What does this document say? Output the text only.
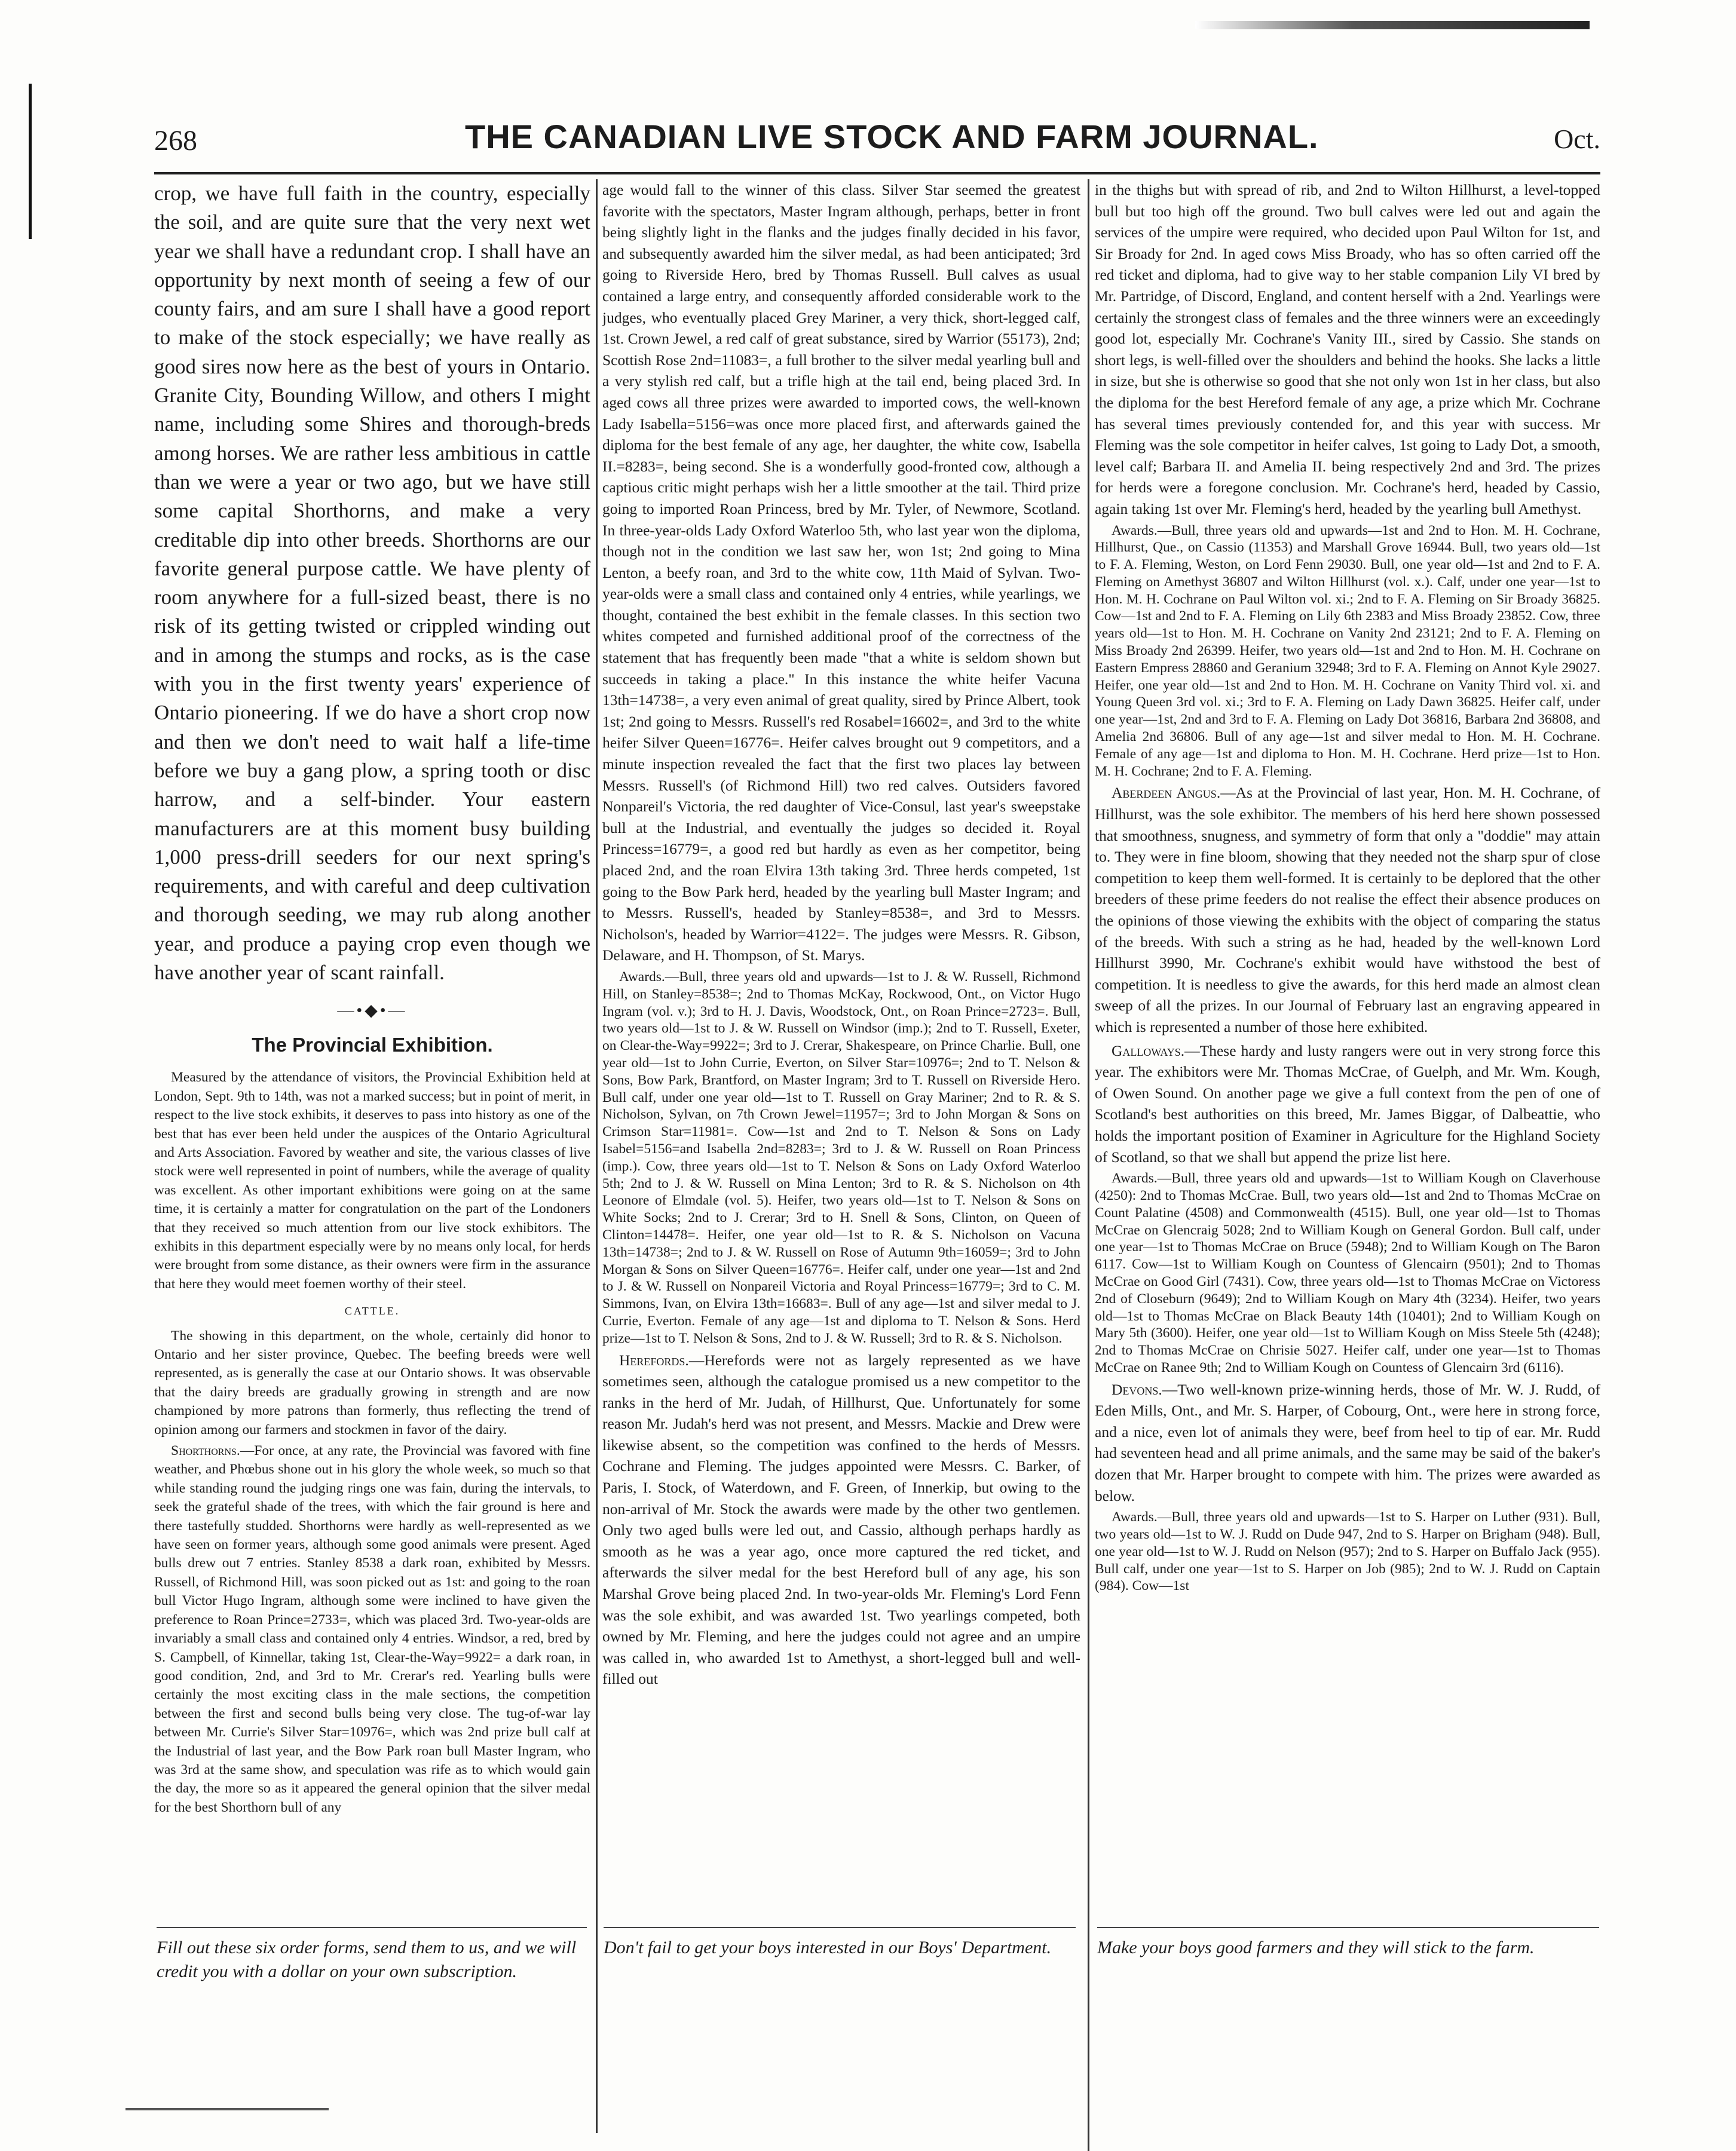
268	THE CANADIAN LIVE STOCK AND FARM JOURNAL.	Oct.

crop, we have full faith in the country, especially the soil, and are quite sure that the very next wet year we shall have a redundant crop. I shall have an opportunity by next month of seeing a few of our county fairs, and am sure I shall have a good report to make of the stock especially; we have really as good sires now here as the best of yours in Ontario. Granite City, Bounding Willow, and others I might name, including some Shires and thorough-breds among horses. We are rather less ambitious in cattle than we were a year or two ago, but we have still some capital Shorthorns, and make a very creditable dip into other breeds. Shorthorns are our favorite general purpose cattle. We have plenty of room anywhere for a full-sized beast, there is no risk of its getting twisted or crippled winding out and in among the stumps and rocks, as is the case with you in the first twenty years' experience of Ontario pioneering. If we do have a short crop now and then we don't need to wait half a life-time before we buy a gang plow, a spring tooth or disc harrow, and a self-binder. Your eastern manufacturers are at this moment busy building 1,000 press-drill seeders for our next spring's requirements, and with careful and deep cultivation and thorough seeding, we may rub along another year, and produce a paying crop even though we have another year of scant rainfall.

—•◆•—
The Provincial Exhibition.

Measured by the attendance of visitors, the Provincial Exhibition held at London, Sept. 9th to 14th, was not a marked success; but in point of merit, in respect to the live stock exhibits, it deserves to pass into history as one of the best that has ever been held under the auspices of the Ontario Agricultural and Arts Association. Favored by weather and site, the various classes of live stock were well represented in point of numbers, while the average of quality was excellent. As other important exhibitions were going on at the same time, it is certainly a matter for congratulation on the part of the Londoners that they received so much attention from our live stock exhibitors. The exhibits in this department especially were by no means only local, for herds were brought from some distance, as their owners were firm in the assurance that here they would meet foemen worthy of their steel.

CATTLE.

The showing in this department, on the whole, certainly did honor to Ontario and her sister province, Quebec. The beefing breeds were well represented, as is generally the case at our Ontario shows. It was observable that the dairy breeds are gradually growing in strength and are now championed by more patrons than formerly, thus reflecting the trend of opinion among our farmers and stockmen in favor of the dairy.

Shorthorns.—For once, at any rate, the Provincial was favored with fine weather, and Phœbus shone out in his glory the whole week, so much so that while standing round the judging rings one was fain, during the intervals, to seek the grateful shade of the trees, with which the fair ground is here and there tastefully studded. Shorthorns were hardly as well-represented as we have seen on former years, although some good animals were present. Aged bulls drew out 7 entries. Stanley 8538 a dark roan, exhibited by Messrs. Russell, of Richmond Hill, was soon picked out as 1st: and going to the roan bull Victor Hugo Ingram, although some were inclined to have given the preference to Roan Prince=2733=, which was placed 3rd. Two-year-olds are invariably a small class and contained only 4 entries. Windsor, a red, bred by S. Campbell, of Kinnellar, taking 1st, Clear-the-Way=9922= a dark roan, in good condition, 2nd, and 3rd to Mr. Crerar's red. Yearling bulls were certainly the most exciting class in the male sections, the competition between the first and second bulls being very close. The tug-of-war lay between Mr. Currie's Silver Star=10976=, which was 2nd prize bull calf at the Industrial of last year, and the Bow Park roan bull Master Ingram, who was 3rd at the same show, and speculation was rife as to which would gain the day, the more so as it appeared the general opinion that the silver medal for the best Shorthorn bull of any

age would fall to the winner of this class. Silver Star seemed the greatest favorite with the spectators, Master Ingram although, perhaps, better in front being slightly light in the flanks and the judges finally decided in his favor, and subsequently awarded him the silver medal, as had been anticipated; 3rd going to Riverside Hero, bred by Thomas Russell. Bull calves as usual contained a large entry, and consequently afforded considerable work to the judges, who eventually placed Grey Mariner, a very thick, short-legged calf, 1st. Crown Jewel, a red calf of great substance, sired by Warrior (55173), 2nd; Scottish Rose 2nd=11083=, a full brother to the silver medal yearling bull and a very stylish red calf, but a trifle high at the tail end, being placed 3rd. In aged cows all three prizes were awarded to imported cows, the well-known Lady Isabella=5156=was once more placed first, and afterwards gained the diploma for the best female of any age, her daughter, the white cow, Isabella II.=8283=, being second. She is a wonderfully good-fronted cow, although a captious critic might perhaps wish her a little smoother at the tail. Third prize going to imported Roan Princess, bred by Mr. Tyler, of Newmore, Scotland. In three-year-olds Lady Oxford Waterloo 5th, who last year won the diploma, though not in the condition we last saw her, won 1st; 2nd going to Mina Lenton, a beefy roan, and 3rd to the white cow, 11th Maid of Sylvan. Two-year-olds were a small class and contained only 4 entries, while yearlings, we thought, contained the best exhibit in the female classes. In this section two whites competed and furnished additional proof of the correctness of the statement that has frequently been made "that a white is seldom shown but succeeds in taking a place." In this instance the white heifer Vacuna 13th=14738=, a very even animal of great quality, sired by Prince Albert, took 1st; 2nd going to Messrs. Russell's red Rosabel=16602=, and 3rd to the white heifer Silver Queen=16776=. Heifer calves brought out 9 competitors, and a minute inspection revealed the fact that the first two places lay between Messrs. Russell's (of Richmond Hill) two red calves. Outsiders favored Nonpareil's Victoria, the red daughter of Vice-Consul, last year's sweepstake bull at the Industrial, and eventually the judges so decided it. Royal Princess=16779=, a good red but hardly as even as her competitor, being placed 2nd, and the roan Elvira 13th taking 3rd. Three herds competed, 1st going to the Bow Park herd, headed by the yearling bull Master Ingram; and to Messrs. Russell's, headed by Stanley=8538=, and 3rd to Messrs. Nicholson's, headed by Warrior=4122=. The judges were Messrs. R. Gibson, Delaware, and H. Thompson, of St. Marys.

Awards.—Bull, three years old and upwards—1st to J. & W. Russell, Richmond Hill, on Stanley=8538=; 2nd to Thomas McKay, Rockwood, Ont., on Victor Hugo Ingram (vol. v.); 3rd to H. J. Davis, Woodstock, Ont., on Roan Prince=2723=. Bull, two years old—1st to J. & W. Russell on Windsor (imp.); 2nd to T. Russell, Exeter, on Clear-the-Way=9922=; 3rd to J. Crerar, Shakespeare, on Prince Charlie. Bull, one year old—1st to John Currie, Everton, on Silver Star=10976=; 2nd to T. Nelson & Sons, Bow Park, Brantford, on Master Ingram; 3rd to T. Russell on Riverside Hero. Bull calf, under one year old—1st to T. Russell on Gray Mariner; 2nd to R. & S. Nicholson, Sylvan, on 7th Crown Jewel=11957=; 3rd to John Morgan & Sons on Crimson Star=11981=. Cow—1st and 2nd to T. Nelson & Sons on Lady Isabel=5156=and Isabella 2nd=8283=; 3rd to J. & W. Russell on Roan Princess (imp.). Cow, three years old—1st to T. Nelson & Sons on Lady Oxford Waterloo 5th; 2nd to J. & W. Russell on Mina Lenton; 3rd to R. & S. Nicholson on 4th Leonore of Elmdale (vol. 5). Heifer, two years old—1st to T. Nelson & Sons on White Socks; 2nd to J. Crerar; 3rd to H. Snell & Sons, Clinton, on Queen of Clinton=14478=. Heifer, one year old—1st to R. & S. Nicholson on Vacuna 13th=14738=; 2nd to J. & W. Russell on Rose of Autumn 9th=16059=; 3rd to John Morgan & Sons on Silver Queen=16776=. Heifer calf, under one year—1st and 2nd to J. & W. Russell on Nonpareil Victoria and Royal Princess=16779=; 3rd to C. M. Simmons, Ivan, on Elvira 13th=16683=. Bull of any age—1st and silver medal to J. Currie, Everton. Female of any age—1st and diploma to T. Nelson & Sons. Herd prize—1st to T. Nelson & Sons, 2nd to J. & W. Russell; 3rd to R. & S. Nicholson.

Herefords.—Herefords were not as largely represented as we have sometimes seen, although the catalogue promised us a new competitor to the ranks in the herd of Mr. Judah, of Hillhurst, Que. Unfortunately for some reason Mr. Judah's herd was not present, and Messrs. Mackie and Drew were likewise absent, so the competition was confined to the herds of Messrs. Cochrane and Fleming. The judges appointed were Messrs. C. Barker, of Paris, I. Stock, of Waterdown, and F. Green, of Innerkip, but owing to the non-arrival of Mr. Stock the awards were made by the other two gentlemen. Only two aged bulls were led out, and Cassio, although perhaps hardly as smooth as he was a year ago, once more captured the red ticket, and afterwards the silver medal for the best Hereford bull of any age, his son Marshal Grove being placed 2nd. In two-year-olds Mr. Fleming's Lord Fenn was the sole exhibit, and was awarded 1st. Two yearlings competed, both owned by Mr. Fleming, and here the judges could not agree and an umpire was called in, who awarded 1st to Amethyst, a short-legged bull and well-filled out

in the thighs but with spread of rib, and 2nd to Wilton Hillhurst, a level-topped bull but too high off the ground. Two bull calves were led out and again the services of the umpire were required, who decided upon Paul Wilton for 1st, and Sir Broady for 2nd. In aged cows Miss Broady, who has so often carried off the red ticket and diploma, had to give way to her stable companion Lily VI bred by Mr. Partridge, of Discord, England, and content herself with a 2nd. Yearlings were certainly the strongest class of females and the three winners were an exceedingly good lot, especially Mr. Cochrane's Vanity III., sired by Cassio. She stands on short legs, is well-filled over the shoulders and behind the hooks. She lacks a little in size, but she is otherwise so good that she not only won 1st in her class, but also the diploma for the best Hereford female of any age, a prize which Mr. Cochrane has several times previously contended for, and this year with success. Mr Fleming was the sole competitor in heifer calves, 1st going to Lady Dot, a smooth, level calf; Barbara II. and Amelia II. being respectively 2nd and 3rd. The prizes for herds were a foregone conclusion. Mr. Cochrane's herd, headed by Cassio, again taking 1st over Mr. Fleming's herd, headed by the yearling bull Amethyst.

Awards.—Bull, three years old and upwards—1st and 2nd to Hon. M. H. Cochrane, Hillhurst, Que., on Cassio (11353) and Marshall Grove 16944. Bull, two years old—1st to F. A. Fleming, Weston, on Lord Fenn 29030. Bull, one year old—1st and 2nd to F. A. Fleming on Amethyst 36807 and Wilton Hillhurst (vol. x.). Calf, under one year—1st to Hon. M. H. Cochrane on Paul Wilton vol. xi.; 2nd to F. A. Fleming on Sir Broady 36825. Cow—1st and 2nd to F. A. Fleming on Lily 6th 2383 and Miss Broady 23852. Cow, three years old—1st to Hon. M. H. Cochrane on Vanity 2nd 23121; 2nd to F. A. Fleming on Miss Broady 2nd 26399. Heifer, two years old—1st and 2nd to Hon. M. H. Cochrane on Eastern Empress 28860 and Geranium 32948; 3rd to F. A. Fleming on Annot Kyle 29027. Heifer, one year old—1st and 2nd to Hon. M. H. Cochrane on Vanity Third vol. xi. and Young Queen 3rd vol. xi.; 3rd to F. A. Fleming on Lady Dawn 36825. Heifer calf, under one year—1st, 2nd and 3rd to F. A. Fleming on Lady Dot 36816, Barbara 2nd 36808, and Amelia 2nd 36806. Bull of any age—1st and silver medal to Hon. M. H. Cochrane. Female of any age—1st and diploma to Hon. M. H. Cochrane. Herd prize—1st to Hon. M. H. Cochrane; 2nd to F. A. Fleming.

Aberdeen Angus.—As at the Provincial of last year, Hon. M. H. Cochrane, of Hillhurst, was the sole exhibitor. The members of his herd here shown possessed that smoothness, snugness, and symmetry of form that only a "doddie" may attain to. They were in fine bloom, showing that they needed not the sharp spur of close competition to keep them well-formed. It is certainly to be deplored that the other breeders of these prime feeders do not realise the effect their absence produces on the opinions of those viewing the exhibits with the object of comparing the status of the breeds. With such a string as he had, headed by the well-known Lord Hillhurst 3990, Mr. Cochrane's exhibit would have withstood the best of competition. It is needless to give the awards, for this herd made an almost clean sweep of all the prizes. In our Journal of February last an engraving appeared in which is represented a number of those here exhibited.

Galloways.—These hardy and lusty rangers were out in very strong force this year. The exhibitors were Mr. Thomas McCrae, of Guelph, and Mr. Wm. Kough, of Owen Sound. On another page we give a full context from the pen of one of Scotland's best authorities on this breed, Mr. James Biggar, of Dalbeattie, who holds the important position of Examiner in Agriculture for the Highland Society of Scotland, so that we shall but append the prize list here.

Awards.—Bull, three years old and upwards—1st to William Kough on Claverhouse (4250): 2nd to Thomas McCrae. Bull, two years old—1st and 2nd to Thomas McCrae on Count Palatine (4508) and Commonwealth (4515). Bull, one year old—1st to Thomas McCrae on Glencraig 5028; 2nd to William Kough on General Gordon. Bull calf, under one year—1st to Thomas McCrae on Bruce (5948); 2nd to William Kough on The Baron 6117. Cow—1st to William Kough on Countess of Glencairn (9501); 2nd to Thomas McCrae on Good Girl (7431). Cow, three years old—1st to Thomas McCrae on Victoress 2nd of Closeburn (9649); 2nd to William Kough on Mary 4th (3234). Heifer, two years old—1st to Thomas McCrae on Black Beauty 14th (10401); 2nd to William Kough on Mary 5th (3600). Heifer, one year old—1st to William Kough on Miss Steele 5th (4248); 2nd to Thomas McCrae on Chrisie 5027. Heifer calf, under one year—1st to Thomas McCrae on Ranee 9th; 2nd to William Kough on Countess of Glencairn 3rd (6116).

Devons.—Two well-known prize-winning herds, those of Mr. W. J. Rudd, of Eden Mills, Ont., and Mr. S. Harper, of Cobourg, Ont., were here in strong force, and a nice, even lot of animals they were, beef from heel to tip of ear. Mr. Rudd had seventeen head and all prime animals, and the same may be said of the baker's dozen that Mr. Harper brought to compete with him. The prizes were awarded as below.

Awards.—Bull, three years old and upwards—1st to S. Harper on Luther (931). Bull, two years old—1st to W. J. Rudd on Dude 947, 2nd to S. Harper on Brigham (948). Bull, one year old—1st to W. J. Rudd on Nelson (957); 2nd to S. Harper on Buffalo Jack (955). Bull calf, under one year—1st to S. Harper on Job (985); 2nd to W. J. Rudd on Captain (984). Cow—1st

Fill out these six order forms, send them to us, and we will credit you with a dollar on your own subscription.
Don't fail to get your boys interested in our Boys' Department.	Make your boys good farmers and they will stick to the farm.
